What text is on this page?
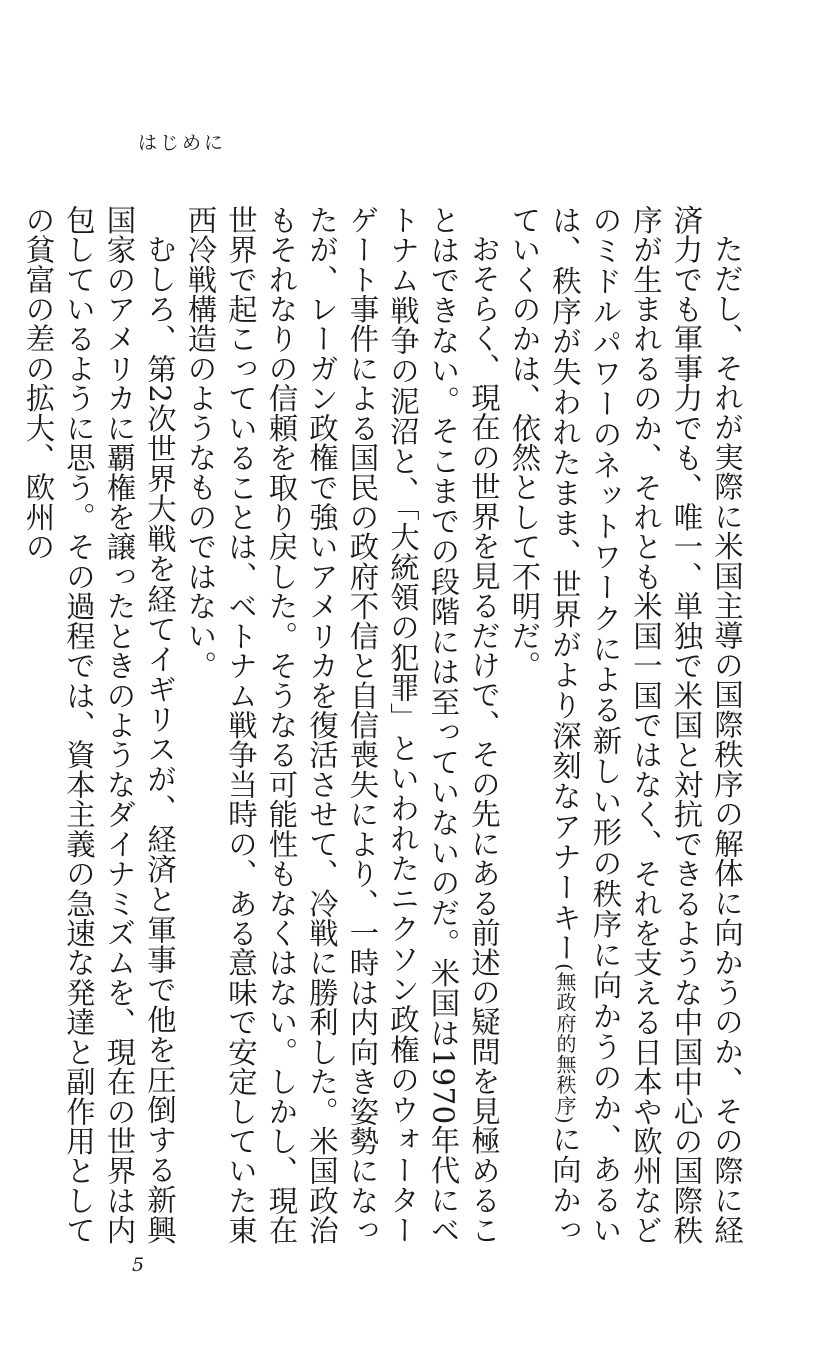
はじめに

ただし、それが実際に米国主導の国際秩序の解体に向かうのか、その際に経済力でも軍事力でも、唯一、単独で米国と対抗できるような中国中心の国際秩序が生まれるのか、それとも米国一国ではなく、それを支える日本や欧州などのミドルパワーのネットワークによる新しい形の秩序に向かうのか、あるいは、秩序が失われたまま、世界がより深刻なアナーキー(無政府的無秩序)に向かっていくのかは、依然として不明だ。

おそらく、現在の世界を見るだけで、その先にある前述の疑問を見極めることはできない。そこまでの段階には至っていないのだ。米国は1970年代にベトナム戦争の泥沼と、「大統領の犯罪」といわれたニクソン政権のウォーターゲート事件による国民の政府不信と自信喪失により、一時は内向き姿勢になったが、レーガン政権で強いアメリカを復活させて、冷戦に勝利した。米国政治もそれなりの信頼を取り戻した。そうなる可能性もなくはない。しかし、現在世界で起こっていることは、ベトナム戦争当時の、ある意味で安定していた東西冷戦構造のようなものではない。

むしろ、第2次世界大戦を経てイギリスが、経済と軍事で他を圧倒する新興国家のアメリカに覇権を譲ったときのようなダイナミズムを、現在の世界は内包しているように思う。その過程では、資本主義の急速な発達と副作用としての貧富の差の拡大、欧州の

5
